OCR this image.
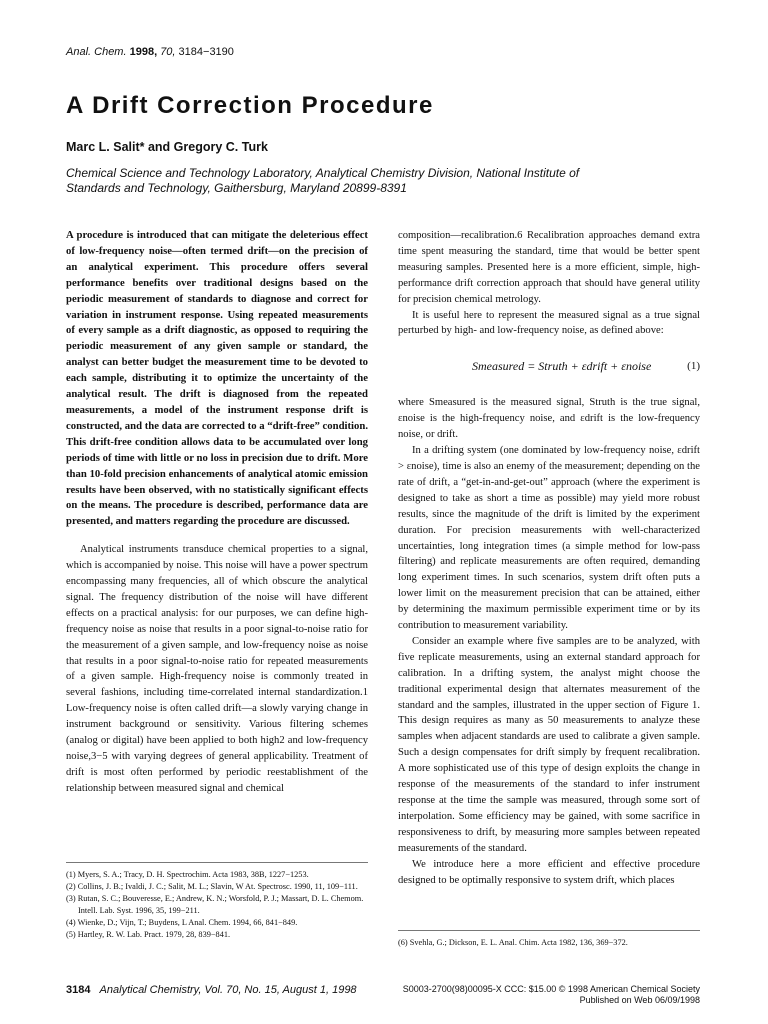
Anal. Chem. 1998, 70, 3184−3190
A Drift Correction Procedure
Marc L. Salit* and Gregory C. Turk
Chemical Science and Technology Laboratory, Analytical Chemistry Division, National Institute of Standards and Technology, Gaithersburg, Maryland 20899-8391

A procedure is introduced that can mitigate the deleterious effect of low-frequency noise—often termed drift—on the precision of an analytical experiment. This procedure offers several performance benefits over traditional designs based on the periodic measurement of standards to diagnose and correct for variation in instrument response. Using repeated measurements of every sample as a drift diagnostic, as opposed to requiring the periodic measurement of any given sample or standard, the analyst can better budget the measurement time to be devoted to each sample, distributing it to optimize the uncertainty of the analytical result. The drift is diagnosed from the repeated measurements, a model of the instrument response drift is constructed, and the data are corrected to a “drift-free” condition. This drift-free condition allows data to be accumulated over long periods of time with little or no loss in precision due to drift. More than 10-fold precision enhancements of analytical atomic emission results have been observed, with no statistically significant effects on the means. The procedure is described, performance data are presented, and matters regarding the procedure are discussed.

Analytical instruments transduce chemical properties to a signal, which is accompanied by noise. This noise will have a power spectrum encompassing many frequencies, all of which obscure the analytical signal. The frequency distribution of the noise will have different effects on a practical analysis: for our purposes, we can define high-frequency noise as noise that results in a poor signal-to-noise ratio for the measurement of a given sample, and low-frequency noise as noise that results in a poor signal-to-noise ratio for repeated measurements of a given sample. High-frequency noise is commonly treated in several fashions, including time-correlated internal standardization.1 Low-frequency noise is often called drift—a slowly varying change in instrument background or sensitivity. Various filtering schemes (analog or digital) have been applied to both high2 and low-frequency noise,3−5 with varying degrees of general applicability. Treatment of drift is most often performed by periodic reestablishment of the relationship between measured signal and chemical

composition—recalibration.6 Recalibration approaches demand extra time spent measuring the standard, time that would be better spent measuring samples. Presented here is a more efficient, simple, high-performance drift correction approach that should have general utility for precision chemical metrology.

It is useful here to represent the measured signal as a true signal perturbed by high- and low-frequency noise, as defined above:

Smeasured = Struth + εdrift + εnoise	(1)

where Smeasured is the measured signal, Struth is the true signal, εnoise is the high-frequency noise, and εdrift is the low-frequency noise, or drift.

In a drifting system (one dominated by low-frequency noise, εdrift > εnoise), time is also an enemy of the measurement; depending on the rate of drift, a “get-in-and-get-out” approach (where the experiment is designed to take as short a time as possible) may yield more robust results, since the magnitude of the drift is limited by the experiment duration. For precision measurements with well-characterized uncertainties, long integration times (a simple method for low-pass filtering) and replicate measurements are often required, demanding long experiment times. In such scenarios, system drift often puts a lower limit on the measurement precision that can be attained, either by determining the maximum permissible experiment time or by its contribution to measurement variability.

Consider an example where five samples are to be analyzed, with five replicate measurements, using an external standard approach for calibration. In a drifting system, the analyst might choose the traditional experimental design that alternates measurement of the standard and the samples, illustrated in the upper section of Figure 1. This design requires as many as 50 measurements to analyze these samples when adjacent standards are used to calibrate a given sample. Such a design compensates for drift simply by frequent recalibration. A more sophisticated use of this type of design exploits the change in response of the measurements of the standard to infer instrument response at the time the sample was measured, through some sort of interpolation. Some efficiency may be gained, with some sacrifice in responsiveness to drift, by measuring more samples between repeated measurements of the standard.

We introduce here a more efficient and effective procedure designed to be optimally responsive to system drift, which places

(1) Myers, S. A.; Tracy, D. H. Spectrochim. Acta 1983, 38B, 1227−1253.
(2) Collins, J. B.; Ivaldi, J. C.; Salit, M. L.; Slavin, W At. Spectrosc. 1990, 11, 109−111.
(3) Rutan, S. C.; Bouveresse, E.; Andrew, K. N.; Worsfold, P. J.; Massart, D. L. Chemom. Intell. Lab. Syst. 1996, 35, 199−211.
(4) Wienke, D.; Vijn, T.; Buydens, L Anal. Chem. 1994, 66, 841−849.
(5) Hartley, R. W. Lab. Pract. 1979, 28, 839−841.
(6) Svehla, G.; Dickson, E. L. Anal. Chim. Acta 1982, 136, 369−372.
3184 Analytical Chemistry, Vol. 70, No. 15, August 1, 1998	S0003-2700(98)00095-X CCC: $15.00 © 1998 American Chemical Society
Published on Web 06/09/1998
